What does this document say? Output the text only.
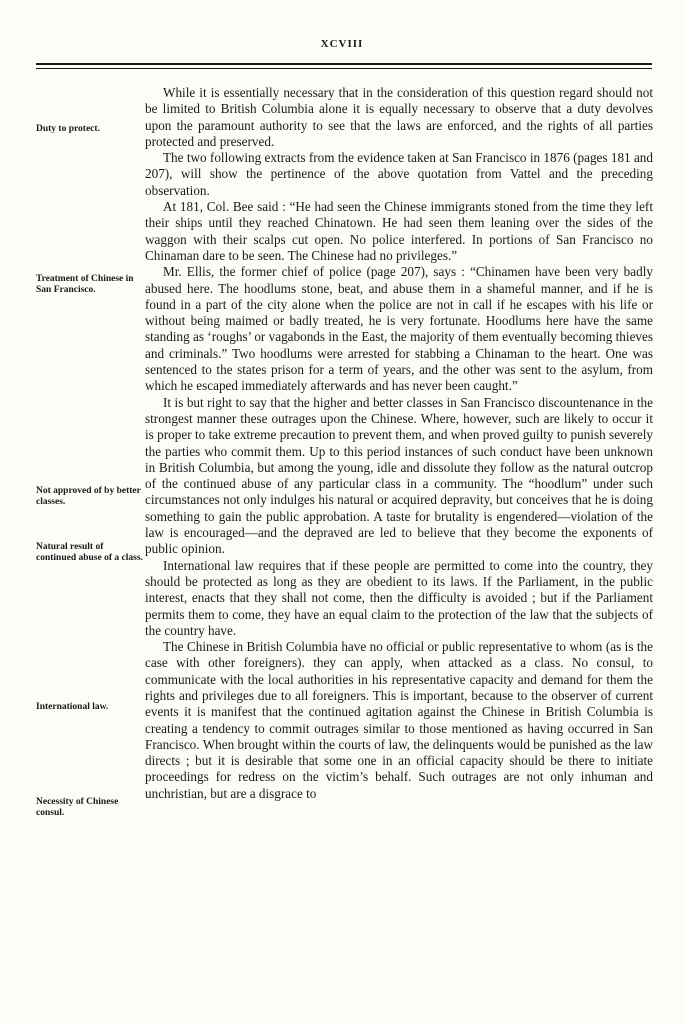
XCVIII
Duty to protect.
Treatment of Chinese in San Francisco.
Not approved of by better classes.
Natural result of continued abuse of a class.
International law.
Necessity of Chinese consul.

While it is essentially necessary that in the consideration of this question regard should not be limited to British Columbia alone it is equally necessary to observe that a duty devolves upon the paramount authority to see that the laws are enforced, and the rights of all parties protected and preserved.

The two following extracts from the evidence taken at San Francisco in 1876 (pages 181 and 207), will show the pertinence of the above quotation from Vattel and the preceding observation.

At 181, Col. Bee said : “He had seen the Chinese immigrants stoned from the time they left their ships until they reached Chinatown. He had seen them leaning over the sides of the waggon with their scalps cut open. No police interfered. In portions of San Francisco no Chinaman dare to be seen. The Chinese had no privileges.”

Mr. Ellis, the former chief of police (page 207), says : “Chinamen have been very badly abused here. The hoodlums stone, beat, and abuse them in a shameful manner, and if he is found in a part of the city alone when the police are not in call if he escapes with his life or without being maimed or badly treated, he is very fortunate. Hoodlums here have the same standing as ‘roughs’ or vagabonds in the East, the majority of them eventually becoming thieves and criminals.” Two hoodlums were arrested for stabbing a Chinaman to the heart. One was sentenced to the states prison for a term of years, and the other was sent to the asylum, from which he escaped immediately afterwards and has never been caught.”

It is but right to say that the higher and better classes in San Francisco discountenance in the strongest manner these outrages upon the Chinese. Where, however, such are likely to occur it is proper to take extreme precaution to prevent them, and when proved guilty to punish severely the parties who commit them. Up to this period instances of such conduct have been unknown in British Columbia, but among the young, idle and dissolute they follow as the natural outcrop of the continued abuse of any particular class in a community. The “hoodlum” under such circumstances not only indulges his natural or acquired depravity, but conceives that he is doing something to gain the public approbation. A taste for brutality is engendered—violation of the law is encouraged—and the depraved are led to believe that they become the exponents of public opinion.

International law requires that if these people are permitted to come into the country, they should be protected as long as they are obedient to its laws. If the Parliament, in the public interest, enacts that they shall not come, then the difficulty is avoided ; but if the Parliament permits them to come, they have an equal claim to the protection of the law that the subjects of the country have.

The Chinese in British Columbia have no official or public representative to whom (as is the case with other foreigners). they can apply, when attacked as a class. No consul, to communicate with the local authorities in his representative capacity and demand for them the rights and privileges due to all foreigners. This is important, because to the observer of current events it is manifest that the continued agitation against the Chinese in British Columbia is creating a tendency to commit outrages similar to those mentioned as having occurred in San Francisco. When brought within the courts of law, the delinquents would be punished as the law directs ; but it is desirable that some one in an official capacity should be there to initiate proceedings for redress on the victim’s behalf. Such outrages are not only inhuman and unchristian, but are a disgrace to
